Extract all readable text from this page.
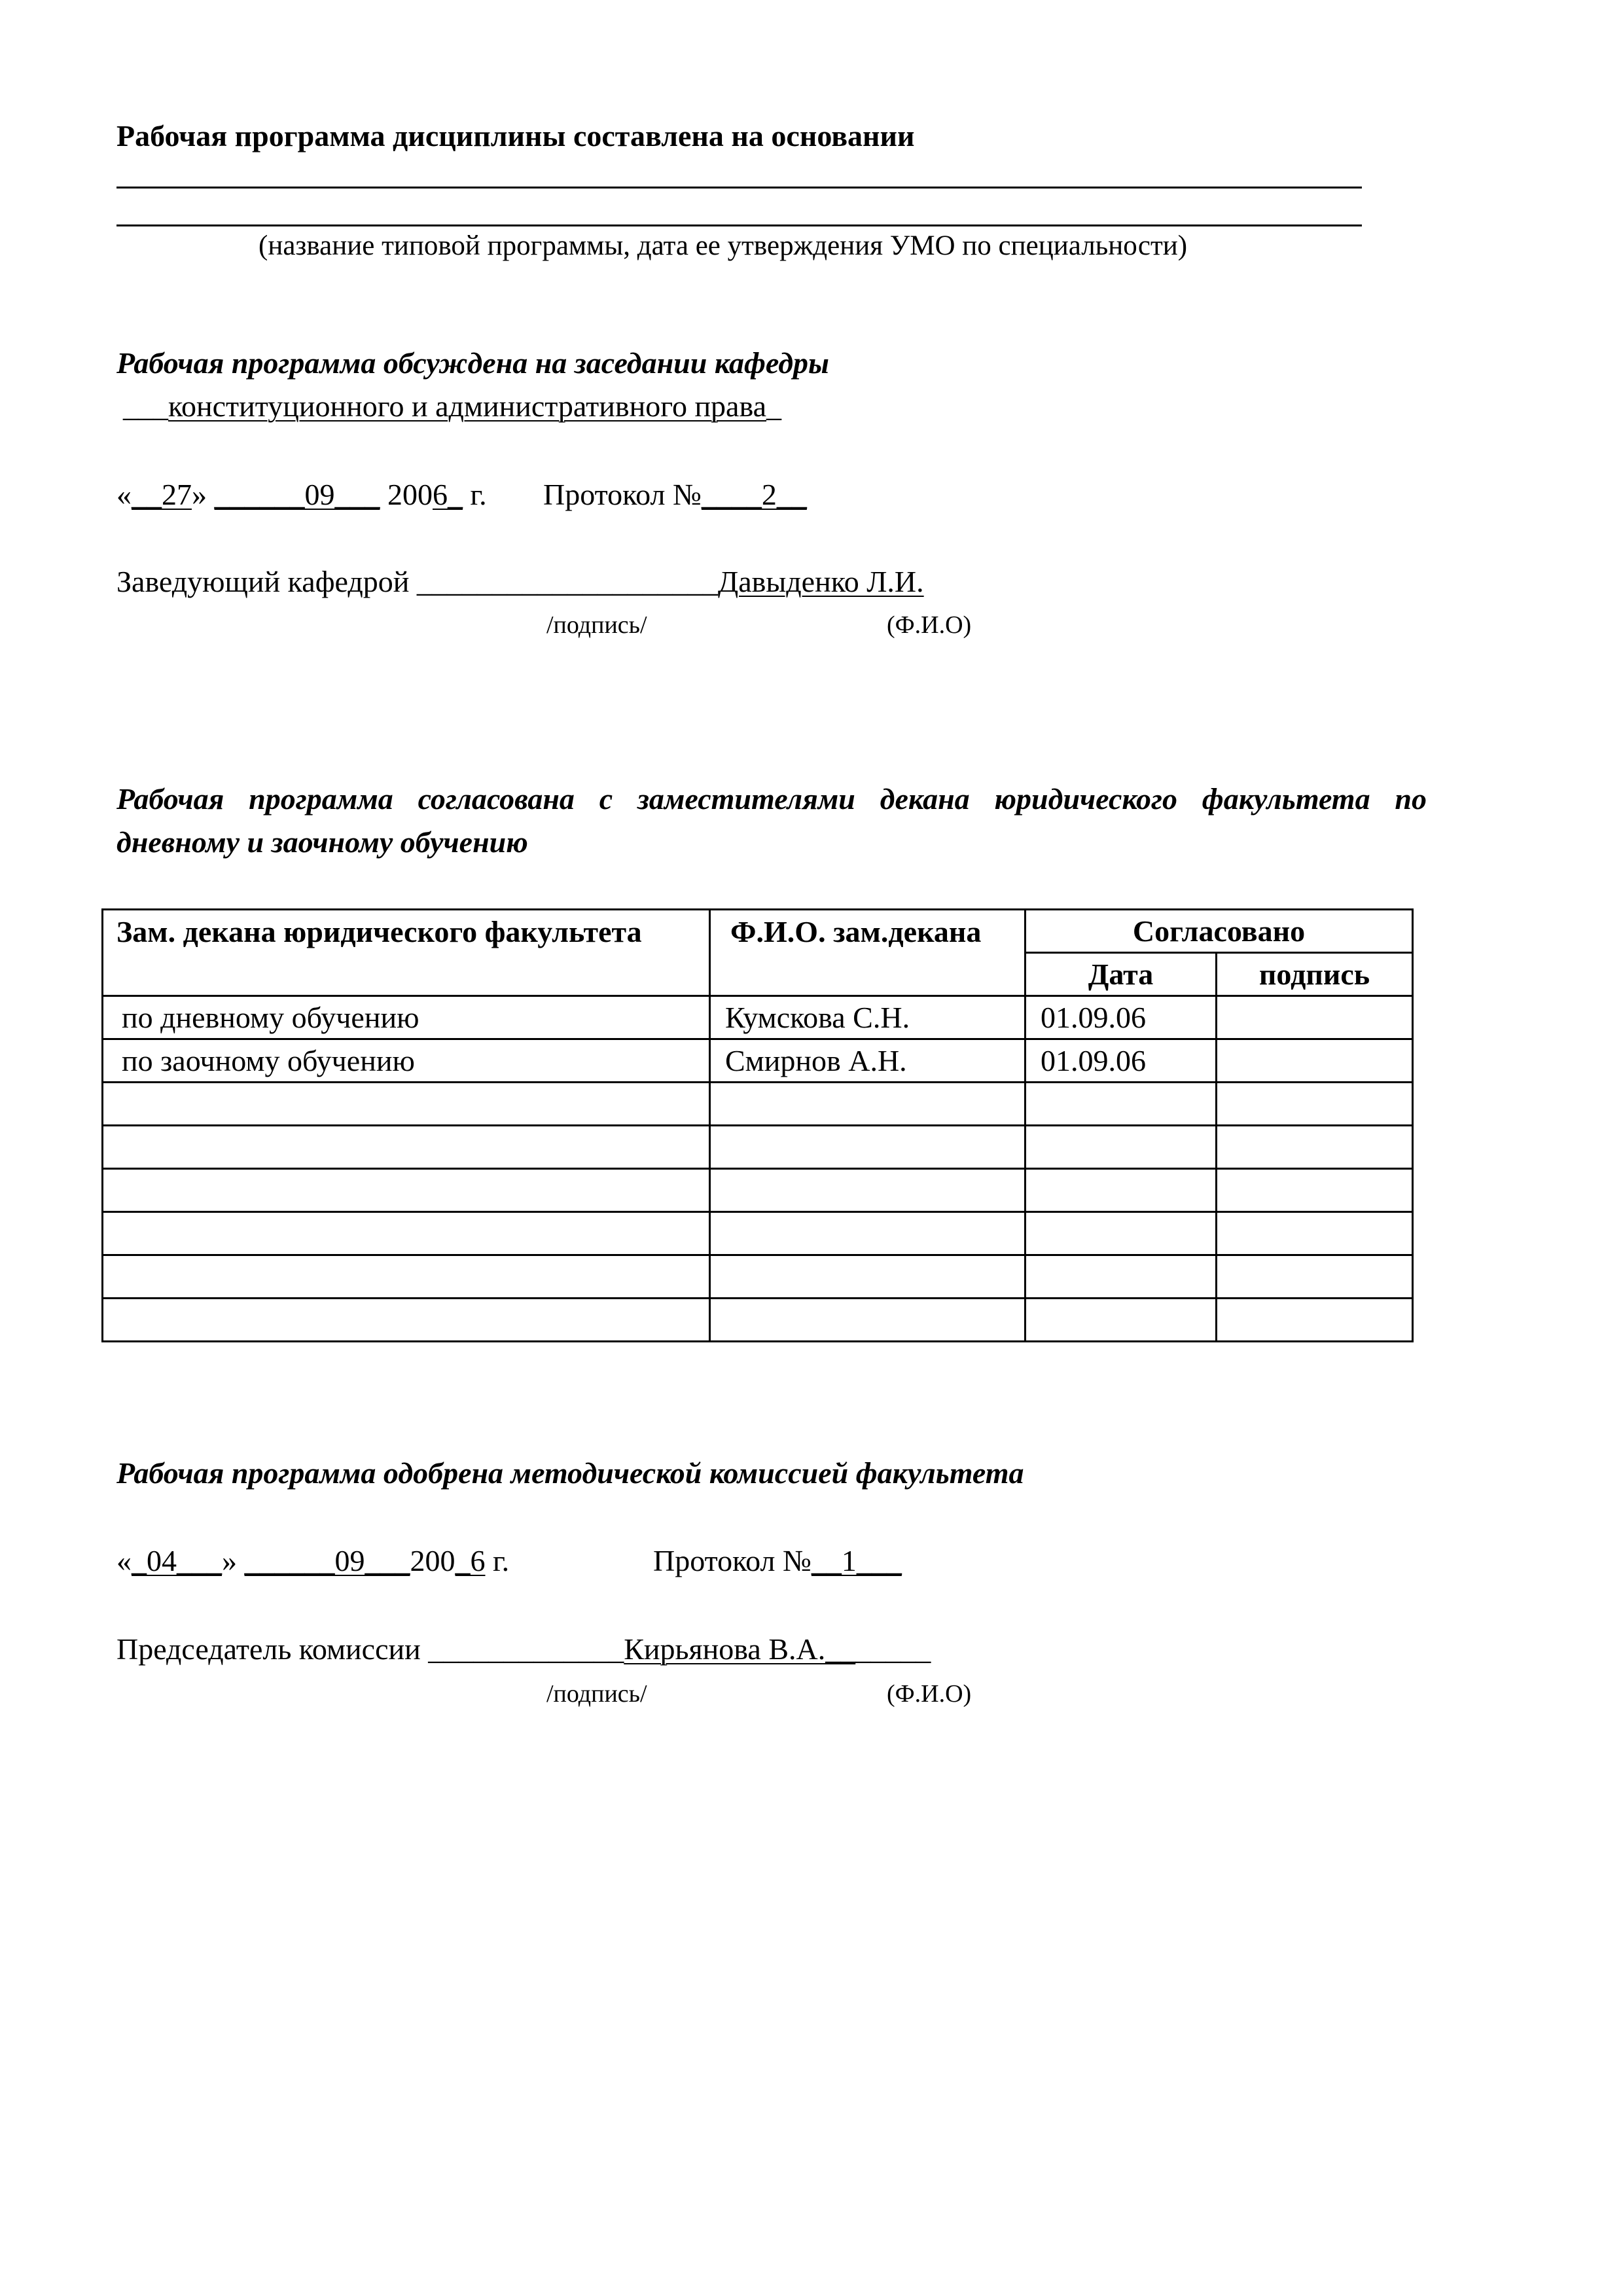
Рабочая программа дисциплины составлена на основании
(название типовой программы, дата ее утверждения УМО по специальности)
Рабочая программа обсуждена на заседании кафедры
___конституционного и административного права_
«__27» ______09___ 2006_ г. Протокол №____2__
Заведующий кафедрой ____________________Давыденко Л.И.
/подпись/	(Ф.И.О)
Рабочая программа согласована с заместителями декана юридического факультета по
дневному и заочному обучению
Зам. декана юридического факультета	Ф.И.О. зам.декана	Согласовано	
		Дата	подпись
по дневному обучению	Кумскова С.Н.	01.09.06	
по заочному обучению	Смирнов А.Н.	01.09.06	

Рабочая программа одобрена методической комиссией факультета
«_04___» ______09___200_6 г.	Протокол №__1___
Председатель комиссии _____________Кирьянова В.А._______
/подпись/	(Ф.И.О)
